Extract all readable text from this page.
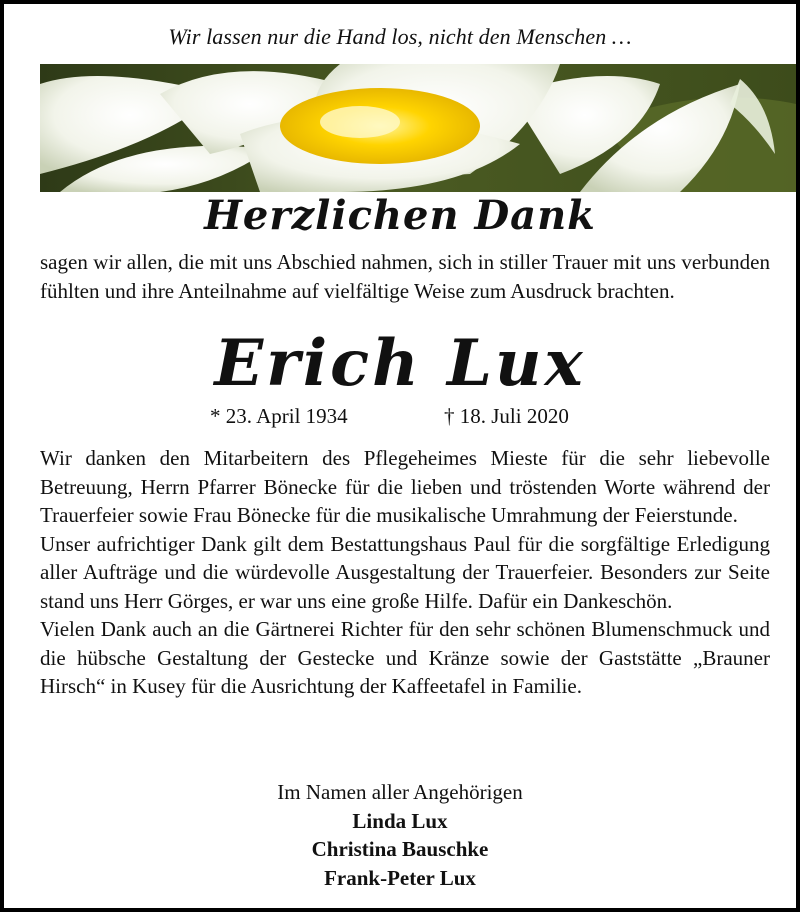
Wir lassen nur die Hand los, nicht den Menschen …
Herzlichen Dank

sagen wir allen, die mit uns Abschied nahmen, sich in stiller Trauer mit uns verbunden fühlten und ihre Anteilnahme auf vielfältige Weise zum Ausdruck brachten.

Erich Lux
* 23. April 1934	† 18. Juli 2020

Wir danken den Mitarbeitern des Pflegeheimes Mieste für die sehr liebevolle Betreuung, Herrn Pfarrer Bönecke für die lieben und tröstenden Worte während der Trauerfeier sowie Frau Bönecke für die musikalische Umrahmung der Feierstunde.

Unser aufrichtiger Dank gilt dem Bestattungshaus Paul für die sorgfältige Erledigung aller Aufträge und die würdevolle Ausgestaltung der Trauerfeier. Besonders zur Seite stand uns Herr Görges, er war uns eine große Hilfe. Dafür ein Dankeschön.

Vielen Dank auch an die Gärtnerei Richter für den sehr schönen Blumenschmuck und die hübsche Gestaltung der Gestecke und Kränze sowie der Gaststätte „Brauner Hirsch“ in Kusey für die Ausrichtung der Kaffeetafel in Familie.

Im Namen aller Angehörigen
Linda Lux
Christina Bauschke
Frank-Peter Lux
